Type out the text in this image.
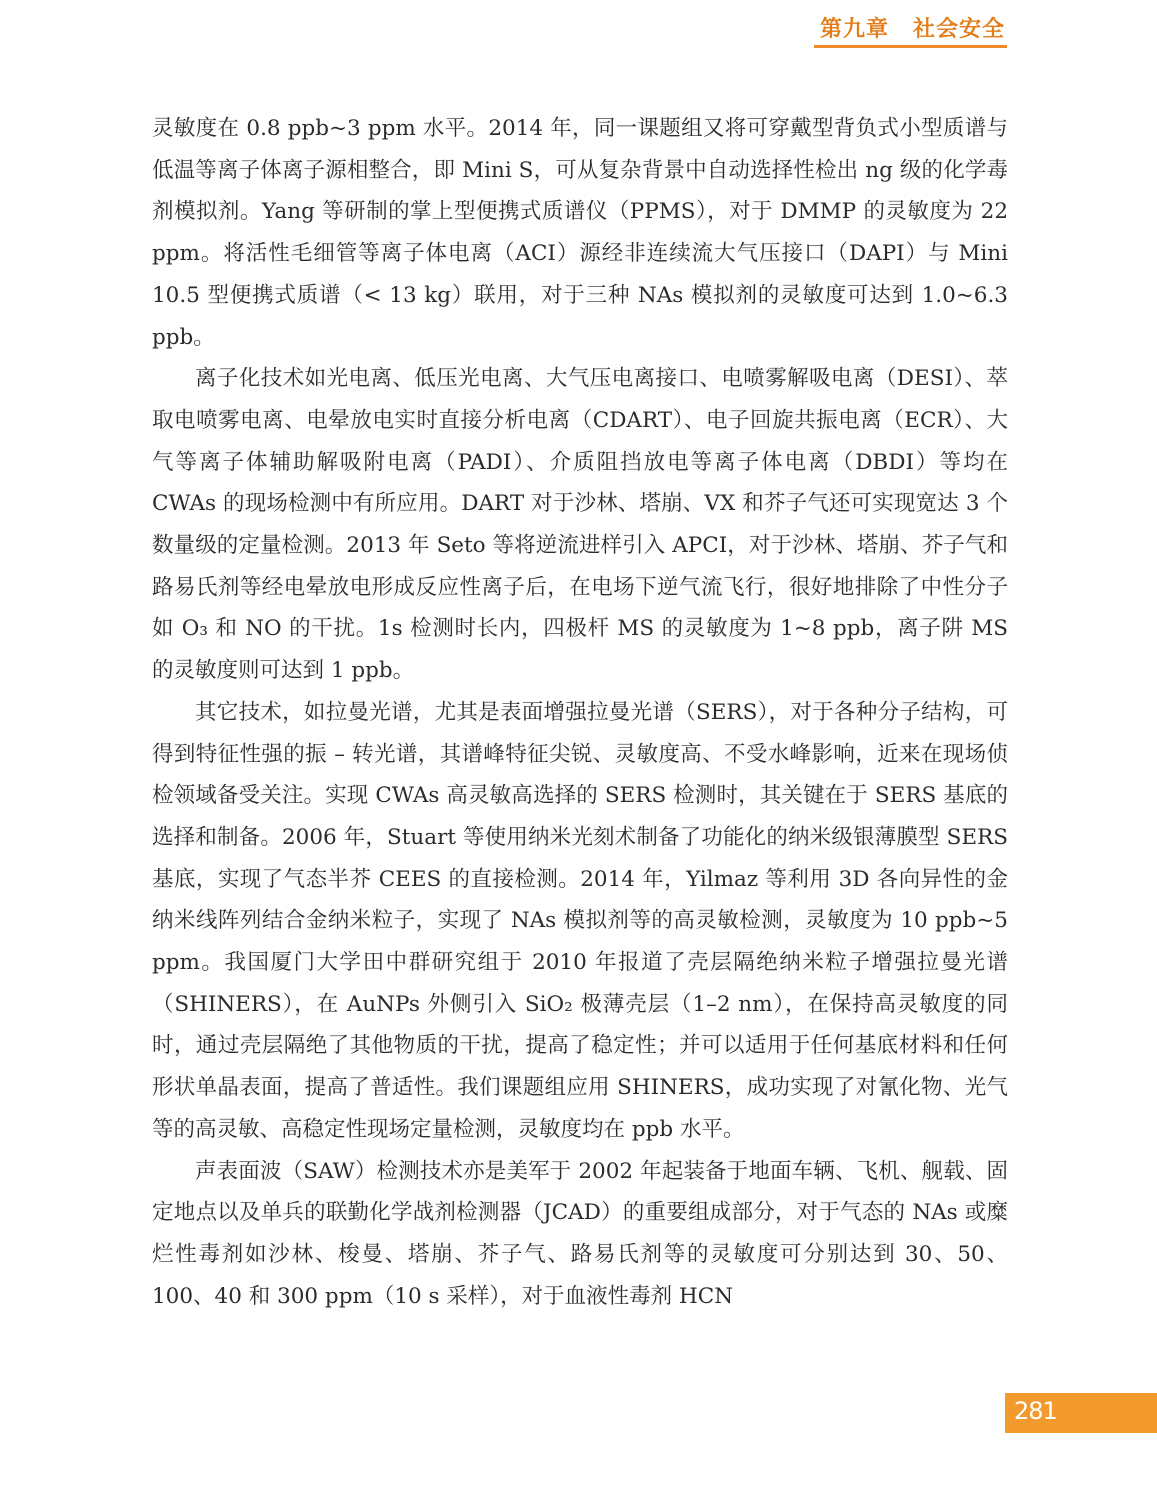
第九章 社会安全

灵敏度在 0.8 ppb~3 ppm 水平。2014 年，同一课题组又将可穿戴型背负式小型质谱与低温等离子体离子源相整合，即 Mini S，可从复杂背景中自动选择性检出 ng 级的化学毒剂模拟剂。Yang 等研制的掌上型便携式质谱仪（PPMS），对于 DMMP 的灵敏度为 22 ppm。将活性毛细管等离子体电离（ACI）源经非连续流大气压接口（DAPI）与 Mini 10.5 型便携式质谱（< 13 kg）联用，对于三种 NAs 模拟剂的灵敏度可达到 1.0~6.3 ppb。

离子化技术如光电离、低压光电离、大气压电离接口、电喷雾解吸电离（DESI）、萃取电喷雾电离、电晕放电实时直接分析电离（CDART）、电子回旋共振电离（ECR）、大气等离子体辅助解吸附电离（PADI）、介质阻挡放电等离子体电离（DBDI）等均在 CWAs 的现场检测中有所应用。DART 对于沙林、塔崩、VX 和芥子气还可实现宽达 3 个数量级的定量检测。2013 年 Seto 等将逆流进样引入 APCI，对于沙林、塔崩、芥子气和路易氏剂等经电晕放电形成反应性离子后，在电场下逆气流飞行，很好地排除了中性分子如 O₃ 和 NO 的干扰。1s 检测时长内，四极杆 MS 的灵敏度为 1~8 ppb，离子阱 MS 的灵敏度则可达到 1 ppb。

其它技术，如拉曼光谱，尤其是表面增强拉曼光谱（SERS），对于各种分子结构，可得到特征性强的振 – 转光谱，其谱峰特征尖锐、灵敏度高、不受水峰影响，近来在现场侦检领域备受关注。实现 CWAs 高灵敏高选择的 SERS 检测时，其关键在于 SERS 基底的选择和制备。2006 年，Stuart 等使用纳米光刻术制备了功能化的纳米级银薄膜型 SERS 基底，实现了气态半芥 CEES 的直接检测。2014 年，Yilmaz 等利用 3D 各向异性的金纳米线阵列结合金纳米粒子，实现了 NAs 模拟剂等的高灵敏检测，灵敏度为 10 ppb~5 ppm。我国厦门大学田中群研究组于 2010 年报道了壳层隔绝纳米粒子增强拉曼光谱（SHINERS），在 AuNPs 外侧引入 SiO₂ 极薄壳层（1–2 nm），在保持高灵敏度的同时，通过壳层隔绝了其他物质的干扰，提高了稳定性；并可以适用于任何基底材料和任何形状单晶表面，提高了普适性。我们课题组应用 SHINERS，成功实现了对氰化物、光气等的高灵敏、高稳定性现场定量检测，灵敏度均在 ppb 水平。

声表面波（SAW）检测技术亦是美军于 2002 年起装备于地面车辆、飞机、舰载、固定地点以及单兵的联勤化学战剂检测器（JCAD）的重要组成部分，对于气态的 NAs 或糜烂性毒剂如沙林、梭曼、塔崩、芥子气、路易氏剂等的灵敏度可分别达到 30、50、 100、40 和 300 ppm（10 s 采样），对于血液性毒剂 HCN

281
